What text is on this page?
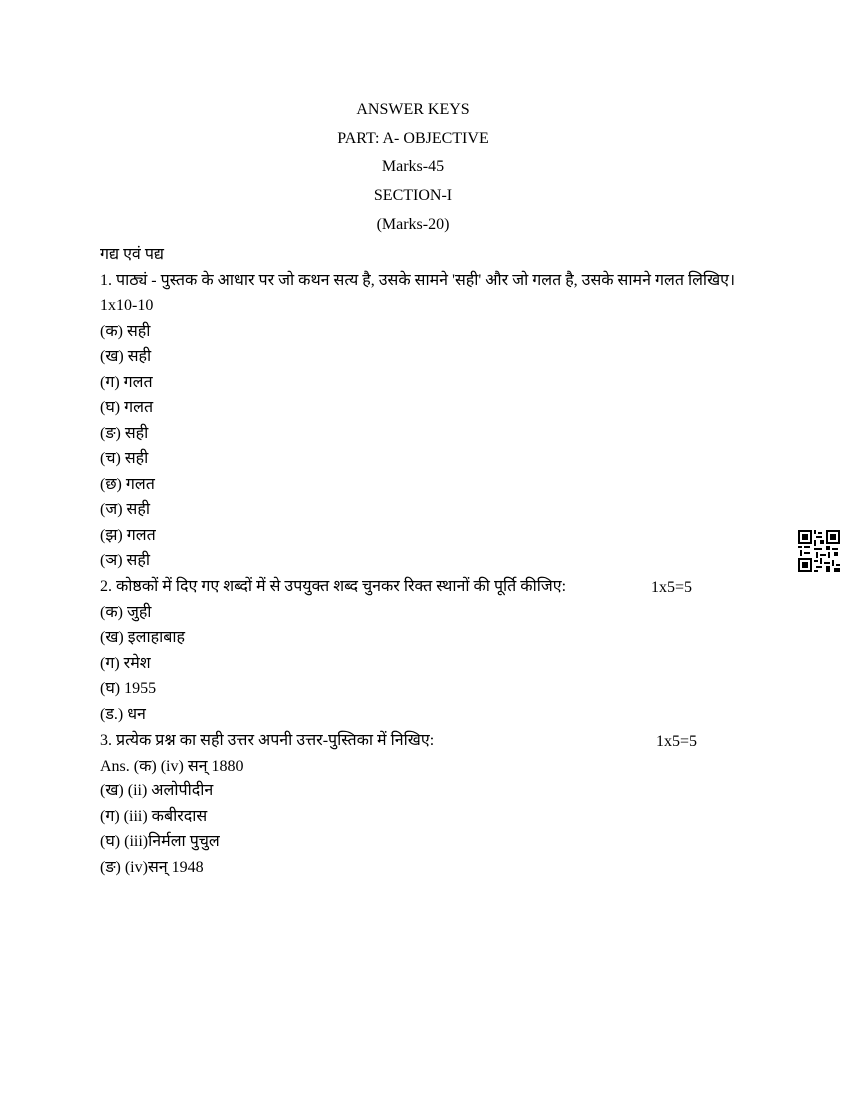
ANSWER KEYS
PART: A- OBJECTIVE
Marks-45
SECTION-I
(Marks-20)
गद्य एवं पद्य
1. पाठ्यं - पुस्तक के आधार पर जो कथन सत्य है, उसके सामने 'सही' और जो गलत है, उसके सामने गलत लिखिए। 1x10-10
(क) सही
(ख) सही
(ग) गलत
(घ) गलत
(ङ) सही
(च) सही
(छ) गलत
(ज) सही
(झ) गलत
(ञ) सही
2. कोष्ठकों में दिए गए शब्दों में से उपयुक्त शब्द चुनकर रिक्त स्थानों की पूर्ति कीजिए:	1x5=5
(क) जुही
(ख) इलाहाबाह
(ग) रमेश
(घ) 1955
(ड.) धन
3. प्रत्येक प्रश्न का सही उत्तर अपनी उत्तर-पुस्तिका में निखिए:	1x5=5
Ans. (क) (iv) सन् 1880
(ख) (ii) अलोपीदीन
(ग) (iii) कबीरदास
(घ) (iii)निर्मला पुचुल
(ङ) (iv)सन् 1948
